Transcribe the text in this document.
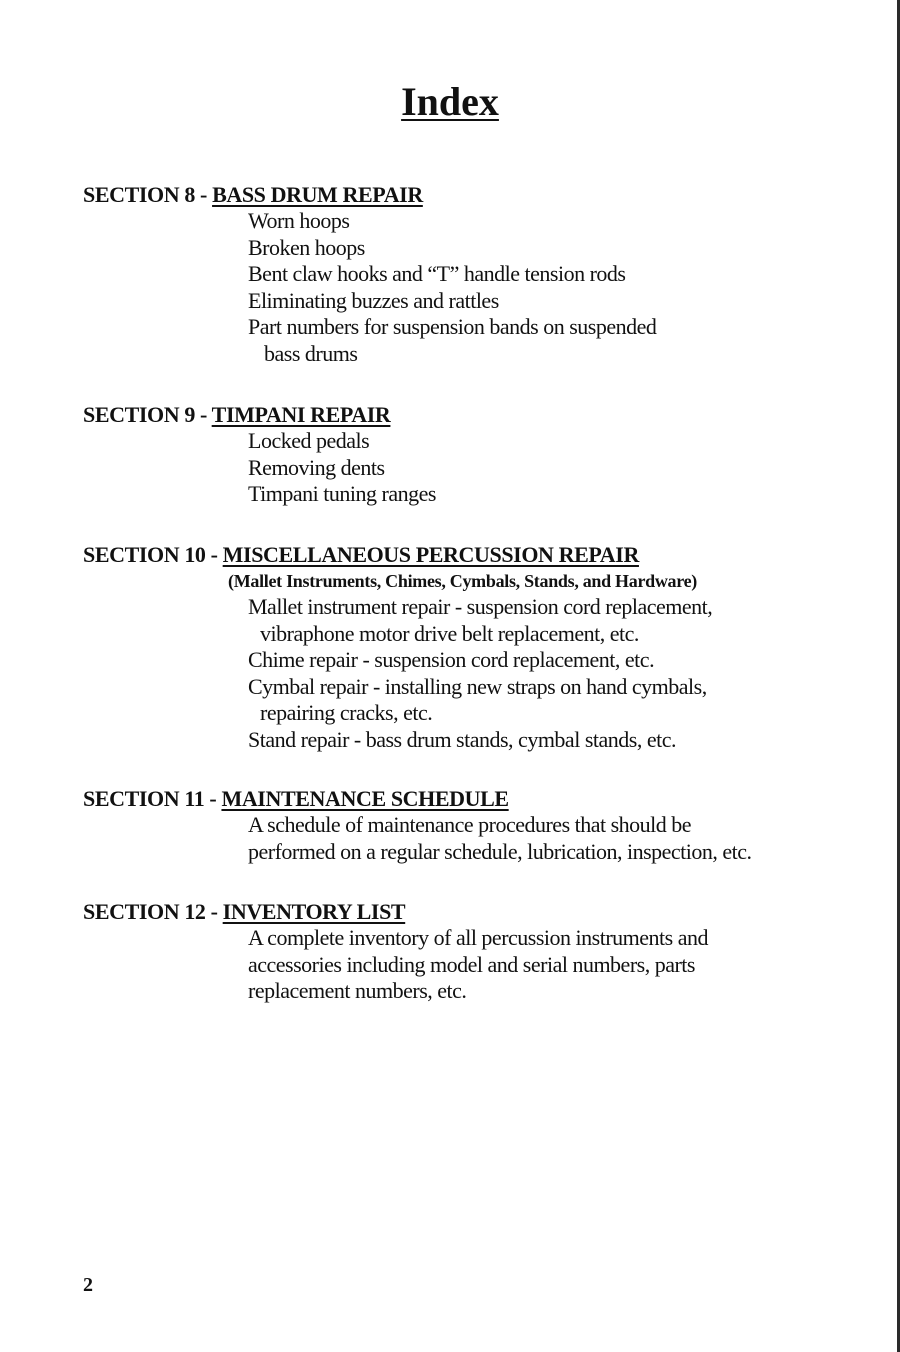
Index
SECTION 8 - BASS DRUM REPAIR
Worn hoops
Broken hoops
Bent claw hooks and “T” handle tension rods
Eliminating buzzes and rattles
Part numbers for suspension bands on suspended
bass drums
SECTION 9 - TIMPANI REPAIR
Locked pedals
Removing dents
Timpani tuning ranges
SECTION 10 - MISCELLANEOUS PERCUSSION REPAIR
(Mallet Instruments, Chimes, Cymbals, Stands, and Hardware)
Mallet instrument repair - suspension cord replacement,
vibraphone motor drive belt replacement, etc.
Chime repair - suspension cord replacement, etc.
Cymbal repair - installing new straps on hand cymbals,
repairing cracks, etc.
Stand repair - bass drum stands, cymbal stands, etc.
SECTION 11 - MAINTENANCE SCHEDULE
A schedule of maintenance procedures that should be
performed on a regular schedule, lubrication, inspection, etc.
SECTION 12 - INVENTORY LIST
A complete inventory of all percussion instruments and
accessories including model and serial numbers, parts
replacement numbers, etc.
2
